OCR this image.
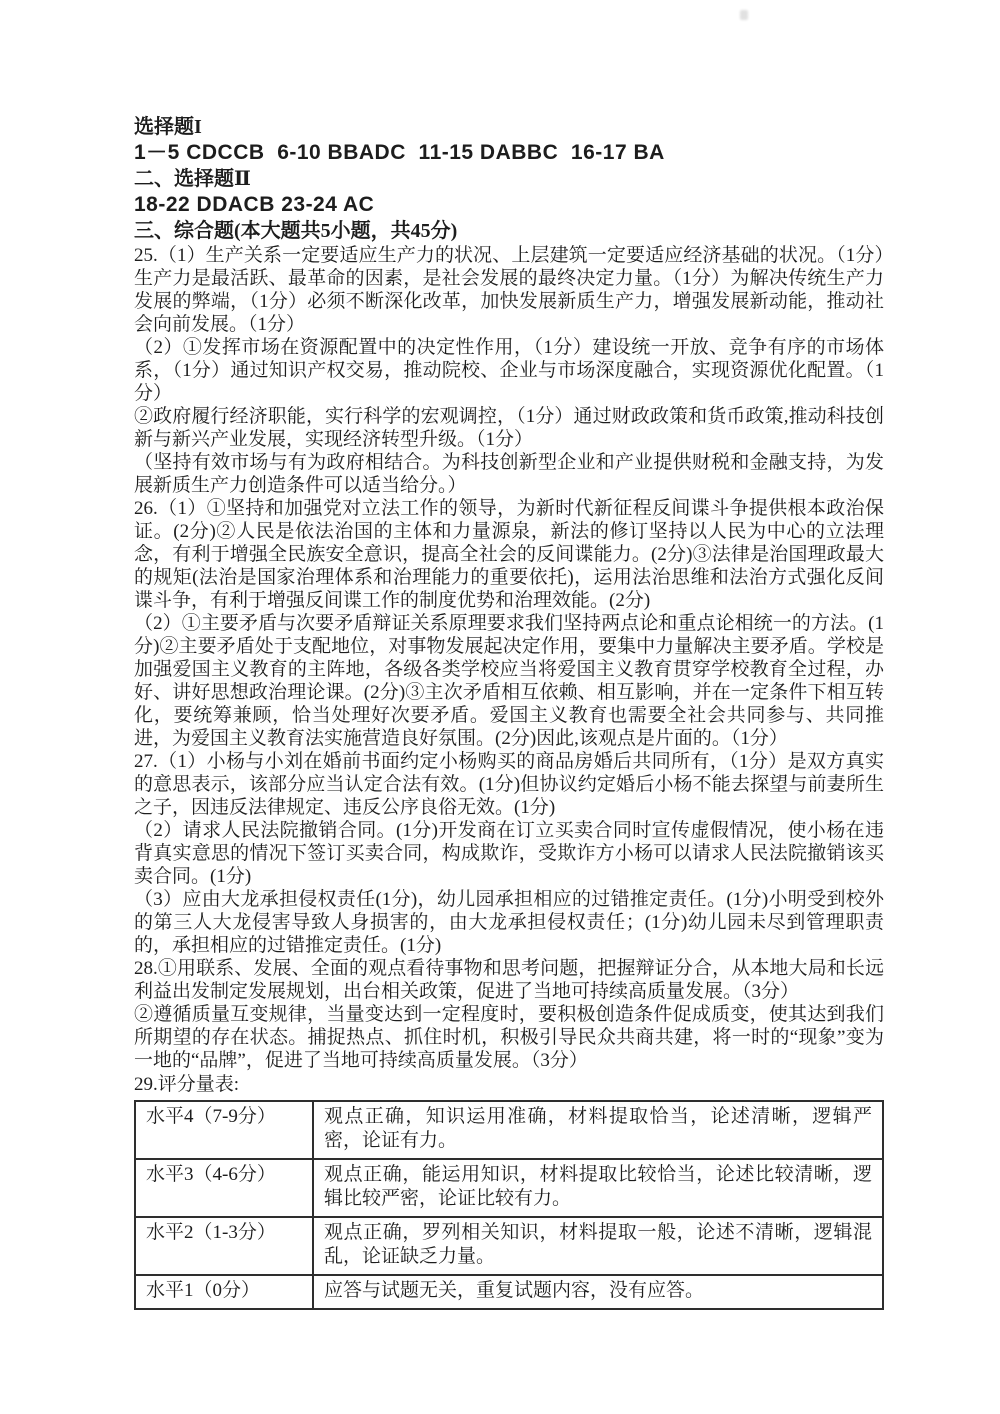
选择题I
1－5 CDCCB  6-10 BBADC  11-15 DABBC  16-17 BA
二、选择题Ⅱ
18-22 DDACB 23-24 AC
三、综合题(本大题共5小题，共45分)

25.（1）生产关系一定要适应生产力的状况、上层建筑一定要适应经济基础的状况。（1分）生产力是最活跃、最革命的因素，是社会发展的最终决定力量。（1分）为解决传统生产力发展的弊端，（1分）必须不断深化改革，加快发展新质生产力，增强发展新动能，推动社会向前发展。（1分）

（2）①发挥市场在资源配置中的决定性作用，（1分）建设统一开放、竞争有序的市场体系，（1分）通过知识产权交易，推动院校、企业与市场深度融合，实现资源优化配置。（1分）

②政府履行经济职能，实行科学的宏观调控，（1分）通过财政政策和货币政策,推动科技创新与新兴产业发展，实现经济转型升级。（1分）

（坚持有效市场与有为政府相结合。为科技创新型企业和产业提供财税和金融支持，为发展新质生产力创造条件可以适当给分。）

26.（1）①坚持和加强党对立法工作的领导，为新时代新征程反间谍斗争提供根本政治保证。(2分)②人民是依法治国的主体和力量源泉，新法的修订坚持以人民为中心的立法理念，有利于增强全民族安全意识，提高全社会的反间谍能力。(2分)③法律是治国理政最大的规矩(法治是国家治理体系和治理能力的重要依托)，运用法治思维和法治方式强化反间谍斗争，有利于增强反间谍工作的制度优势和治理效能。(2分)

（2）①主要矛盾与次要矛盾辩证关系原理要求我们坚持两点论和重点论相统一的方法。(1分)②主要矛盾处于支配地位，对事物发展起决定作用，要集中力量解决主要矛盾。学校是加强爱国主义教育的主阵地，各级各类学校应当将爱国主义教育贯穿学校教育全过程，办好、讲好思想政治理论课。(2分)③主次矛盾相互依赖、相互影响，并在一定条件下相互转化，要统筹兼顾，恰当处理好次要矛盾。爱国主义教育也需要全社会共同参与、共同推进，为爱国主义教育法实施营造良好氛围。(2分)因此,该观点是片面的。（1分）

27.（1）小杨与小刘在婚前书面约定小杨购买的商品房婚后共同所有，（1分）是双方真实的意思表示，该部分应当认定合法有效。(1分)但协议约定婚后小杨不能去探望与前妻所生之子，因违反法律规定、违反公序良俗无效。(1分)

（2）请求人民法院撤销合同。(1分)开发商在订立买卖合同时宣传虚假情况，使小杨在违背真实意思的情况下签订买卖合同，构成欺诈，受欺诈方小杨可以请求人民法院撤销该买卖合同。(1分)

（3）应由大龙承担侵权责任(1分)，幼儿园承担相应的过错推定责任。(1分)小明受到校外的第三人大龙侵害导致人身损害的，由大龙承担侵权责任；(1分)幼儿园未尽到管理职责的，承担相应的过错推定责任。(1分)

28.①用联系、发展、全面的观点看待事物和思考问题，把握辩证分合，从本地大局和长远利益出发制定发展规划，出台相关政策，促进了当地可持续高质量发展。（3分）

②遵循质量互变规律，当量变达到一定程度时，要积极创造条件促成质变，使其达到我们所期望的存在状态。捕捉热点、抓住时机，积极引导民众共商共建，将一时的“现象”变为一地的“品牌”，促进了当地可持续高质量发展。（3分）

29.评分量表:
水平4（7-9分）	观点正确，知识运用准确，材料提取恰当，论述清晰，逻辑严密，论证有力。
水平3（4-6分）	观点正确，能运用知识，材料提取比较恰当，论述比较清晰，逻辑比较严密，论证比较有力。
水平2（1-3分）	观点正确，罗列相关知识，材料提取一般，论述不清晰，逻辑混乱，论证缺乏力量。
水平1（0分）	应答与试题无关，重复试题内容，没有应答。
